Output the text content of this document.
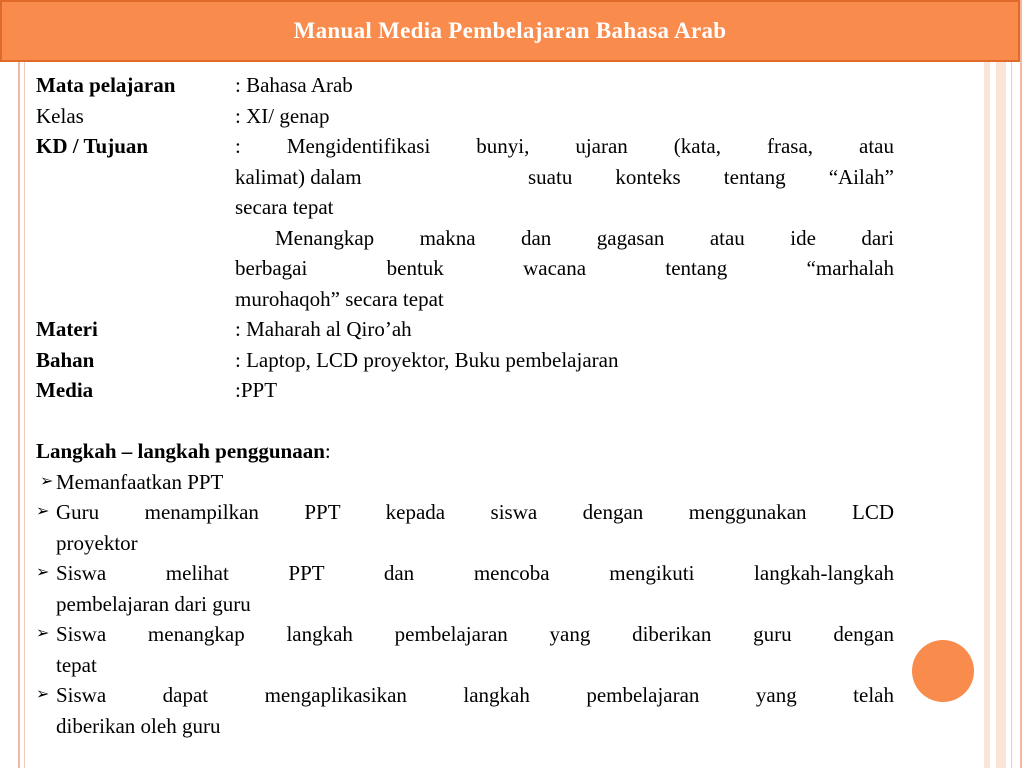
Manual Media Pembelajaran Bahasa Arab
Mata pelajaran	: Bahasa Arab
Kelas	: XI/ genap
KD / Tujuan	: Mengidentifikasi bunyi, ujaran (kata, frasa, atau
kalimat) dalam	suatu konteks tentang “Ailah”
secara tepat
Menangkap makna dan gagasan atau ide dari
berbagai bentuk wacana tentang “marhalah
murohaqoh” secara tepat
Materi	: Maharah al Qiro’ah
Bahan	: Laptop, LCD proyektor, Buku pembelajaran
Media	:PPT
Langkah – langkah penggunaan:
➢ Memanfaatkan PPT
➢ Guru menampilkan PPT kepada siswa dengan menggunakan LCD
proyektor
➢ Siswa melihat PPT dan mencoba mengikuti langkah-langkah
pembelajaran dari guru
➢ Siswa menangkap langkah pembelajaran yang diberikan guru dengan
tepat
➢ Siswa dapat mengaplikasikan langkah pembelajaran yang telah
diberikan oleh guru
